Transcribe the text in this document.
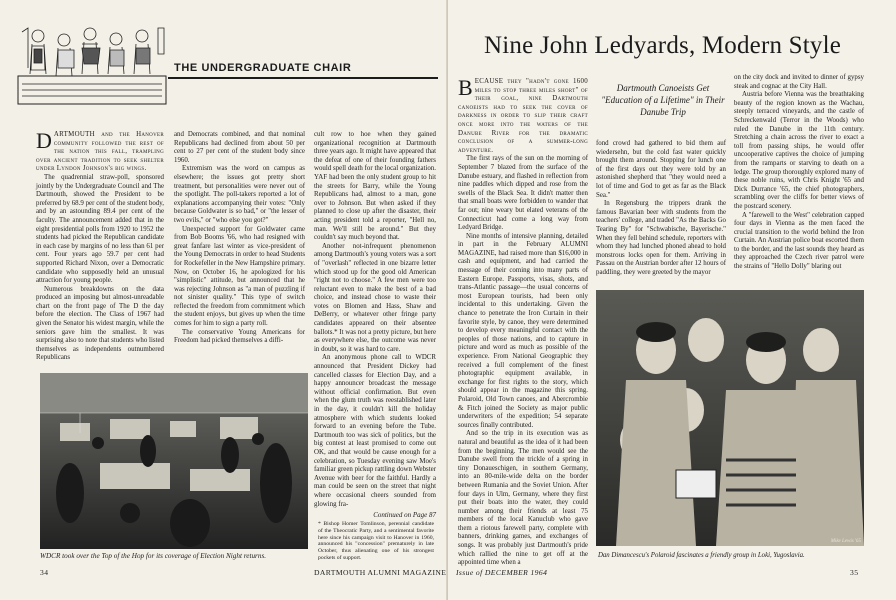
THE UNDERGRADUATE CHAIR

DARTMOUTH and the Hanover community followed the rest of the nation this fall, trampling over ancient tradition to seek shelter under Lyndon Johnson's big wings.

The quadrennial straw-poll, sponsored jointly by the Undergraduate Council and The Dartmouth, showed the President to be preferred by 68.9 per cent of the student body, and by an astounding 89.4 per cent of the faculty. The announcement added that in the eight presidential polls from 1920 to 1952 the students had picked the Republican candidate in each case by margins of no less than 61 per cent. Four years ago 59.7 per cent had supported Richard Nixon, over a Democratic candidate who supposedly held an unusual attraction for young people.

Numerous breakdowns on the data produced an imposing but almost-unreadable chart on the front page of The D the day before the election. The Class of 1967 had given the Senator his widest margin, while the seniors gave him the smallest. It was surprising also to note that students who listed themselves as independents outnumbered Republicans

and Democrats combined, and that nominal Republicans had declined from about 50 per cent to 27 per cent of the student body since 1960.

Extremism was the word on campus as elsewhere; the issues got pretty short treatment, but personalities were never out of the spotlight. The poll-takers reported a lot of explanations accompanying their votes: "Only because Goldwater is so bad," or "the lesser of two evils," or "who else you got?"

Unexpected support for Goldwater came from Bob Booms '66, who had resigned with great fanfare last winter as vice-president of the Young Democrats in order to head Students for Rockefeller in the New Hampshire primary. Now, on October 16, he apologized for his "simplistic" attitude, but announced that he was rejecting Johnson as "a man of puzzling if not sinister quality." This type of switch reflected the freedom from commitment which the student enjoys, but gives up when the time comes for him to sign a party roll.

The conservative Young Americans for Freedom had picked themselves a diffi-

cult row to hoe when they gained organizational recognition at Dartmouth three years ago. It might have appeared that the defeat of one of their founding fathers would spell death for the local organization. YAF had been the only student group to hit the streets for Barry, while the Young Republicans had, almost to a man, gone over to Johnson. But when asked if they planned to close up after the disaster, their acting president told a reporter, "Hell no, man. We'll still be around." But they couldn't say much beyond that.

Another not-infrequent phenomenon among Dartmouth's young voters was a sort of "overlash" reflected in one bizarre letter which stood up for the good old American "right not to choose." A few men were too reluctant even to make the best of a bad choice, and instead chose to waste their votes on Blomen and Hass, Shaw and DeBerry, or whatever other fringe party candidates appeared on their absentee ballots.* It was not a pretty picture, but here as everywhere else, the outcome was never in doubt, so it was hard to care.

An anonymous phone call to WDCR announced that President Dickey had cancelled classes for Election Day, and a happy announcer broadcast the message without official confirmation. But even when the glum truth was reestablished later in the day, it couldn't kill the holiday atmosphere with which students looked forward to an evening before the Tube. Dartmouth too was sick of politics, but the big contest at least promised to come out OK, and that would be cause enough for a celebration, so Tuesday evening saw Moe's familiar green pickup rattling down Webster Avenue with beer for the faithful. Hardly a man could be seen on the street that night where occasional cheers sounded from glowing fra-

Continued on Page 87
WDCR took over the Top of the Hop for its coverage of Election Night returns.
* Bishop Homer Tomlinson, perennial candidate of the Theocratic Party, and a sentimental favorite here since his campaign visit to Hanover in 1960, announced his "concession" prematurely in late October, thus alienating one of his strongest pockets of support.
34	DARTMOUTH ALUMNI MAGAZINE
Nine John Ledyards, Modern Style
Dartmouth Canoeists Get "Education of a Lifetime" in Their Danube Trip

BECAUSE they "hadn't gone 1600 miles to stop three miles short" of their goal, nine Dartmouth canoeists had to seek the cover of darkness in order to slip their craft once more into the waters of the Danube River for the dramatic conclusion of a summer-long adventure.

The first rays of the sun on the morning of September 7 blazed from the surface of the Danube estuary, and flashed in reflection from nine paddles which dipped and rose from the swells of the Black Sea. It didn't matter then that small boats were forbidden to wander that far out; nine weary but elated veterans of the Connecticut had come a long way from Ledyard Bridge.

Nine months of intensive planning, detailed in part in the February ALUMNI MAGAZINE, had raised more than $16,000 in cash and equipment, and had carried the message of their coming into many parts of Eastern Europe. Passports, visas, shots, and trans-Atlantic passage—the usual concerns of most European tourists, had been only incidental to this undertaking. Given the chance to penetrate the Iron Curtain in their favorite style, by canoe, they were determined to develop every meaningful contact with the peoples of those nations, and to capture in picture and word as much as possible of the experience. From National Geographic they received a full complement of the finest photographic equipment available, in exchange for first rights to the story, which should appear in the magazine this spring. Polaroid, Old Town canoes, and Abercrombie & Fitch joined the Society as major public underwriters of the expedition; 54 separate sources finally contributed.

And so the trip in its execution was as natural and beautiful as the idea of it had been from the beginning. The men would see the Danube swell from the trickle of a spring in tiny Donaueschigen, in southern Germany, into an 80-mile-wide delta on the border between Rumania and the Soviet Union. After four days in Ulm, Germany, where they first put their boats into the water, they could number among their friends at least 75 members of the local Kanuclub who gave them a riotous farewell party, complete with banners, drinking games, and exchanges of songs. It was probably just Dartmouth's pride which rallied the nine to get off at the appointed time when a

fond crowd had gathered to bid them auf wiedersehn, but the cold fast water quickly brought them around. Stopping for lunch one of the first days out they were told by an astonished shepherd that "they would need a lot of time and God to get as far as the Black Sea."

In Regensburg the trippers drank the famous Bavarian beer with students from the teachers' college, and traded "As the Backs Go Tearing By" for "Schwabische, Bayerische." When they fell behind schedule, reporters with whom they had lunched phoned ahead to hold monstrous locks open for them. Arriving in Passau on the Austrian border after 12 hours of paddling, they were greeted by the mayor

on the city dock and invited to dinner of gypsy steak and cognac at the City Hall.

Austria before Vienna was the breathtaking beauty of the region known as the Wachau, steeply terraced vineyards, and the castle of Schreckenwald (Terror in the Woods) who ruled the Danube in the 11th century. Stretching a chain across the river to exact a toll from passing ships, he would offer uncooperative captives the choice of jumping from the ramparts or starving to death on a ledge. The group thoroughly explored many of these noble ruins, with Chris Knight '65 and Dick Durrance '65, the chief photographers, scrambling over the cliffs for better views of the postcard scenery.

A "farewell to the West" celebration capped four days in Vienna as the men faced the crucial transition to the world behind the Iron Curtain. An Austrian police boat escorted them to the border, and the last sounds they heard as they approached the Czech river patrol were the strains of "Hello Dolly" blaring out

Mike Lewis '65
Dan Dimancescu's Polaroid fascinates a friendly group in Loki, Yugoslavia.
Issue of DECEMBER 1964	35
